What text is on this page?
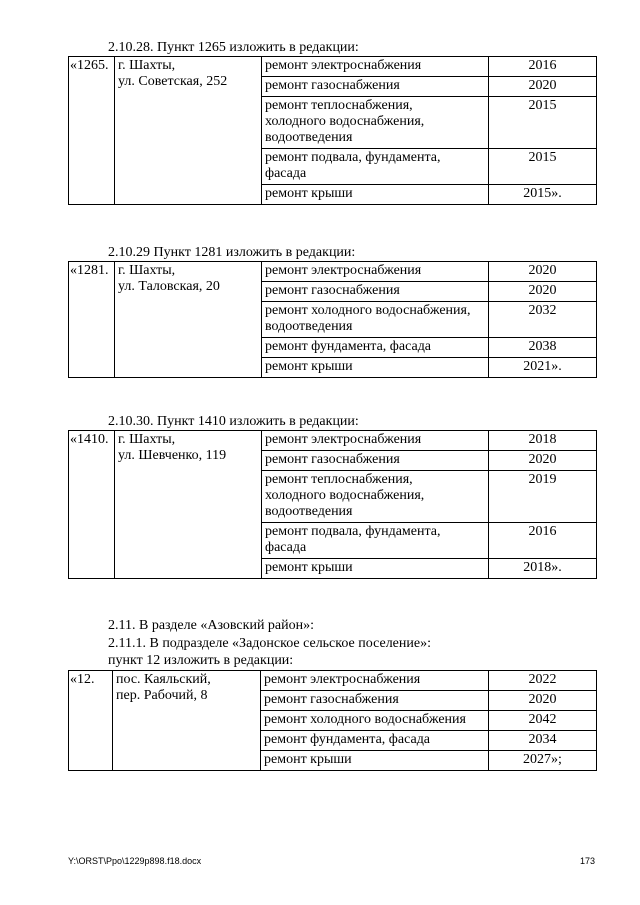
2.10.28. Пункт 1265 изложить в редакции:
«1265.	г. Шахты,
ул. Советская, 252	ремонт электроснабжения	2016
		ремонт газоснабжения	2020
		ремонт теплоснабжения,
холодного водоснабжения,
водоотведения	2015
		ремонт подвала, фундамента,
фасада	2015
		ремонт крыши	2015».
2.10.29 Пункт 1281 изложить в редакции:
«1281.	г. Шахты,
ул. Таловская, 20	ремонт электроснабжения	2020
		ремонт газоснабжения	2020
		ремонт холодного водоснабжения,
водоотведения	2032
		ремонт фундамента, фасада	2038
		ремонт крыши	2021».
2.10.30. Пункт 1410 изложить в редакции:
«1410.	г. Шахты,
ул. Шевченко, 119	ремонт электроснабжения	2018
		ремонт газоснабжения	2020
		ремонт теплоснабжения,
холодного водоснабжения,
водоотведения	2019
		ремонт подвала, фундамента,
фасада	2016
		ремонт крыши	2018».
2.11. В разделе «Азовский район»:
2.11.1. В подразделе «Задонское сельское поселение»:
пункт 12 изложить в редакции:
«12.	пос. Каяльский,
пер. Рабочий, 8	ремонт электроснабжения	2022
		ремонт газоснабжения	2020
		ремонт холодного водоснабжения	2042
		ремонт фундамента, фасада	2034
		ремонт крыши	2027»;
Y:\ORST\Ppo\1229p898.f18.docx	173
